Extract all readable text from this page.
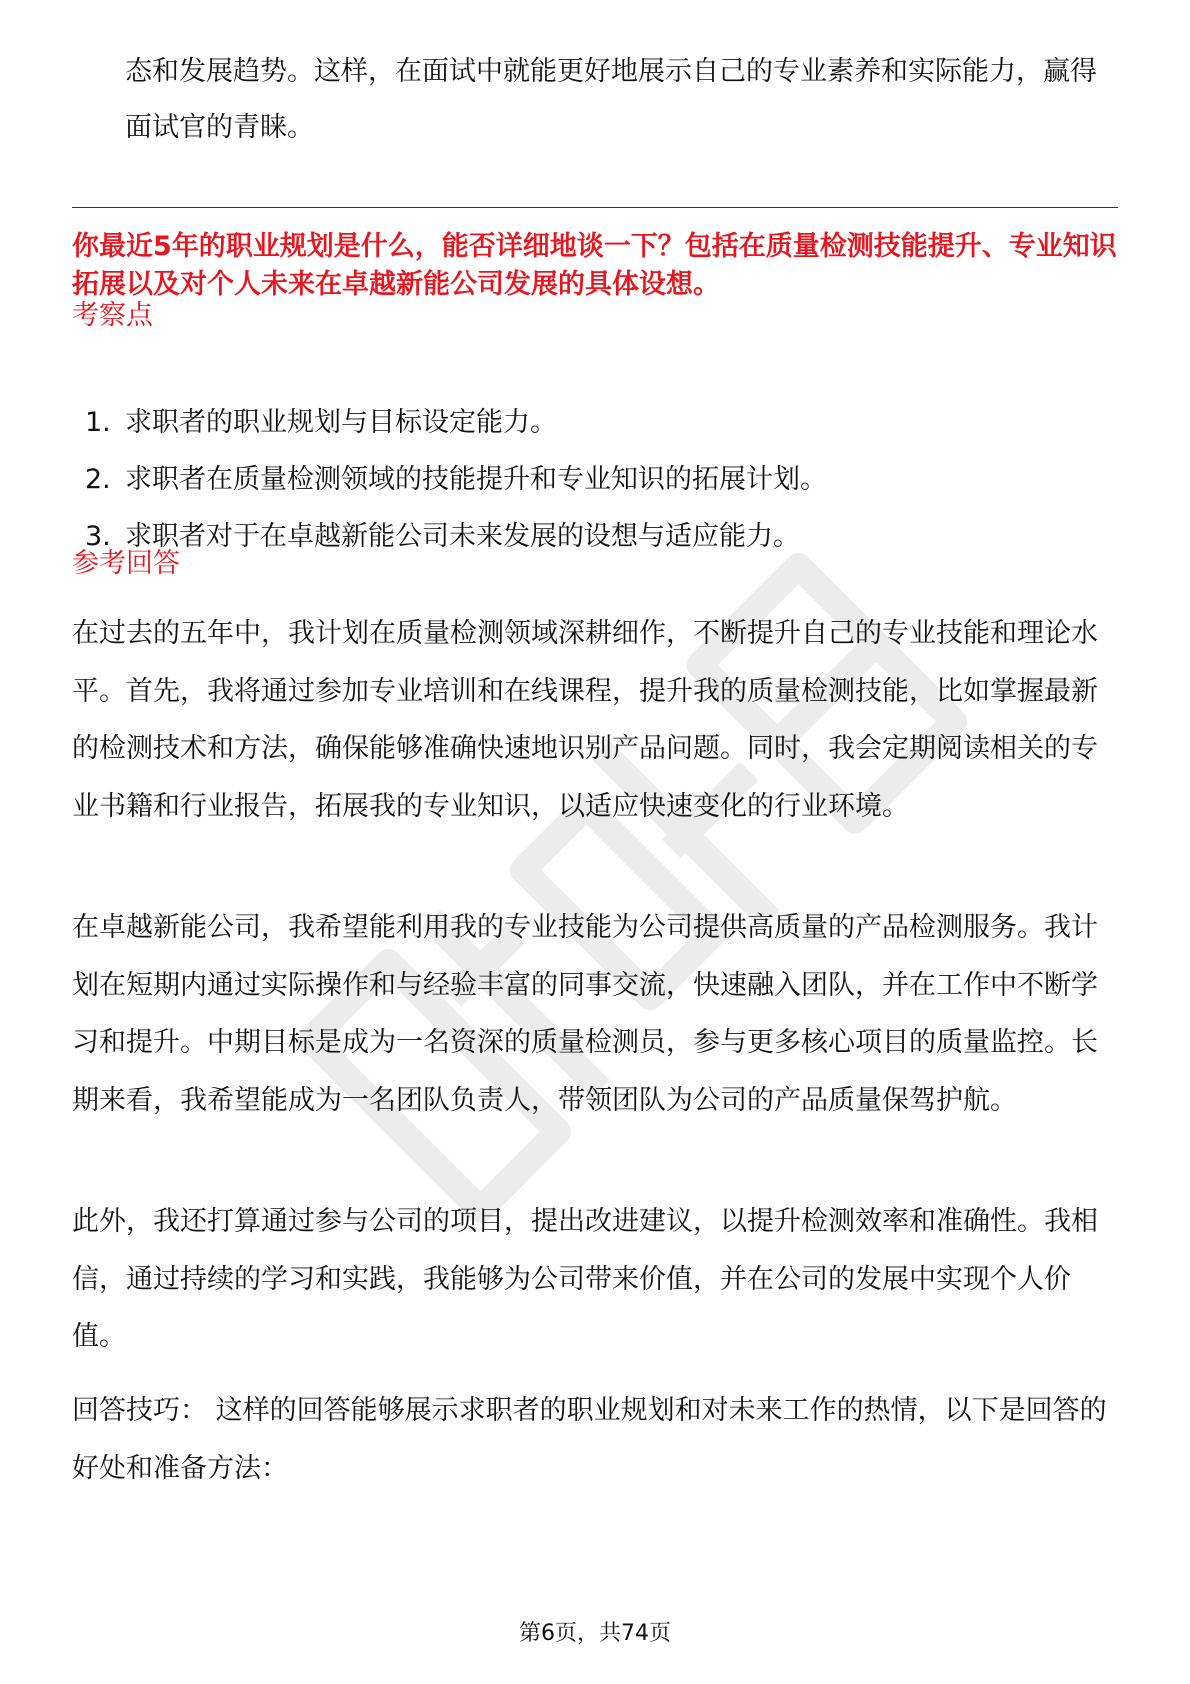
态和发展趋势。这样，在面试中就能更好地展示自己的专业素养和实际能力，赢得面试官的青睐。
你最近5年的职业规划是什么，能否详细地谈一下？包括在质量检测技能提升、专业知识拓展以及对个人未来在卓越新能公司发展的具体设想。
考察点
1. 求职者的职业规划与目标设定能力。
2. 求职者在质量检测领域的技能提升和专业知识的拓展计划。
3. 求职者对于在卓越新能公司未来发展的设想与适应能力。
参考回答

在过去的五年中，我计划在质量检测领域深耕细作，不断提升自己的专业技能和理论水平。首先，我将通过参加专业培训和在线课程，提升我的质量检测技能，比如掌握最新的检测技术和方法，确保能够准确快速地识别产品问题。同时，我会定期阅读相关的专业书籍和行业报告，拓展我的专业知识，以适应快速变化的行业环境。

在卓越新能公司，我希望能利用我的专业技能为公司提供高质量的产品检测服务。我计划在短期内通过实际操作和与经验丰富的同事交流，快速融入团队，并在工作中不断学习和提升。中期目标是成为一名资深的质量检测员，参与更多核心项目的质量监控。长期来看，我希望能成为一名团队负责人，带领团队为公司的产品质量保驾护航。

此外，我还打算通过参与公司的项目，提出改进建议，以提升检测效率和准确性。我相信，通过持续的学习和实践，我能够为公司带来价值，并在公司的发展中实现个人价值。

回答技巧： 这样的回答能够展示求职者的职业规划和对未来工作的热情，以下是回答的好处和准备方法：

第6页，共74页
